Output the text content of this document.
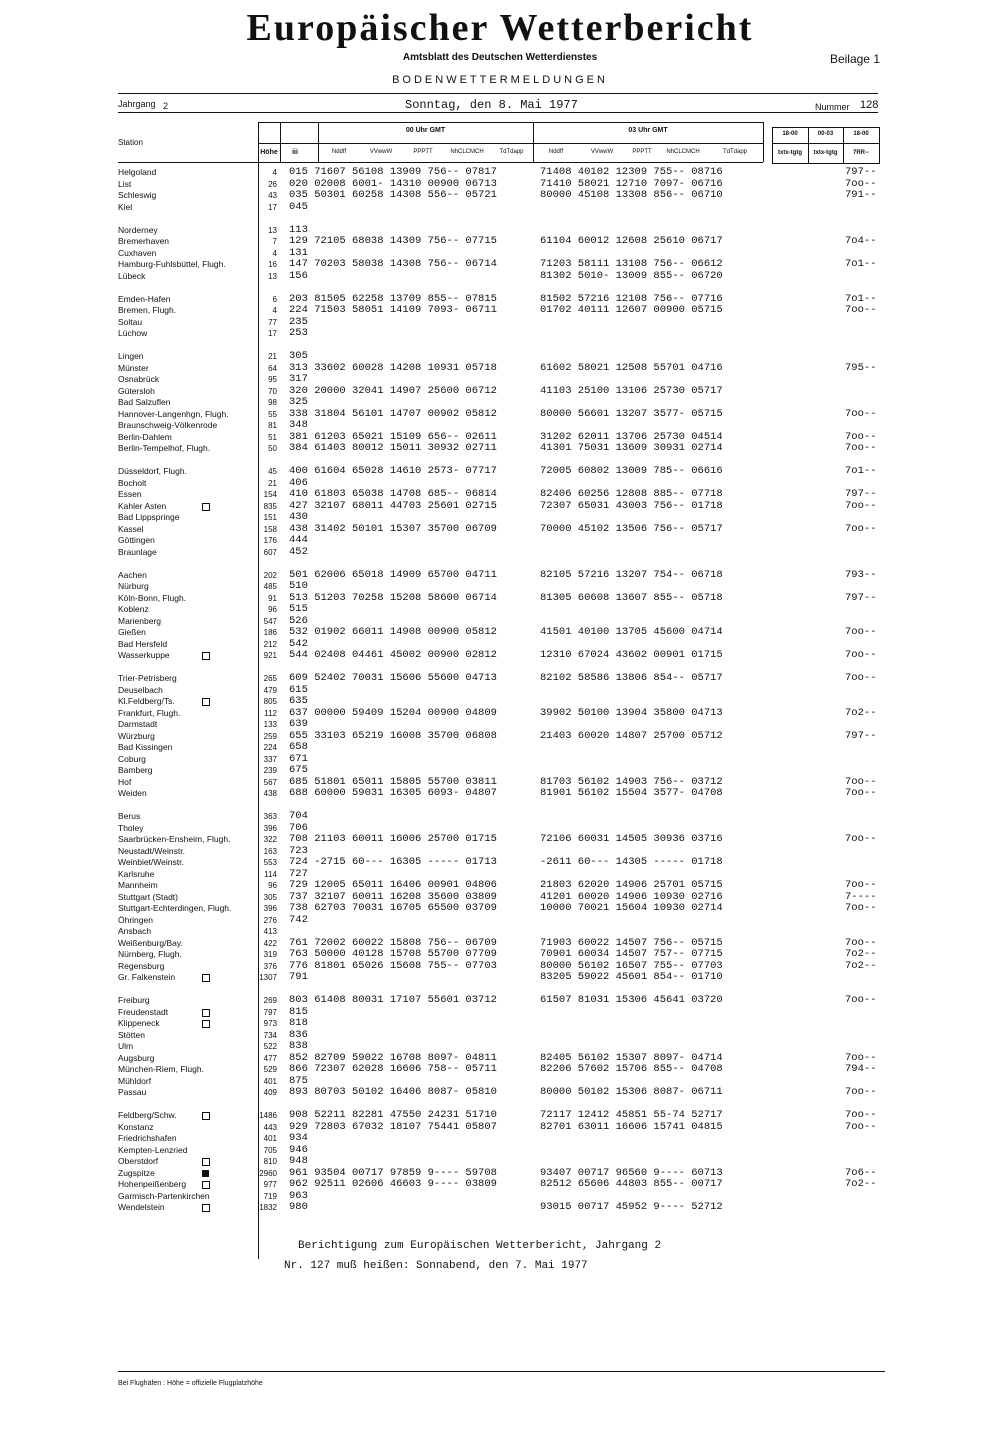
Europäischer Wetterbericht
Amtsblatt des Deutschen Wetterdienstes	Beilage 1
BODENWETTERMELDUNGEN
Jahrgang 2	Sonntag, den 8. Mai 1977	Nummer 128
Station
Höhe	iii
00 Uhr GMT	03 Uhr GMT
Nddff	VVwwW	PPPTT	NhCLCMCH	TdTdapp	Nddff	VVwwW	PPPTT	NhCLCMCH	TdTdapp
18-00	00-03	18-00
txtx-tgtg	txtx-tgtg	7RR--
Helgoland	4 015 71607 56108 13909 756-- 07817	71408 40102 12309 755-- 08716	797--
List	26 020 02008 6001- 14310 00900 06713	71410 58021 12710 7097- 06716	7oo--
Schleswig	43 035 50301 60258 14308 556-- 05721	80000 45108 13308 856-- 06710	791--
Kiel	17 045
Norderney	13 113
Bremerhaven	7 129 72105 68038 14309 756-- 07715	61104 60012 12608 25610 06717	7o4--
Cuxhaven	4 131
Hamburg-Fuhlsbüttel, Flugh.	16 147 70203 58038 14308 756-- 06714	71203 58111 13108 756-- 06612	7o1--
Lübeck	13 156	81302 5010- 13009 855-- 06720
Emden-Hafen	6 203 81505 62258 13709 855-- 07815	81502 57216 12108 756-- 07716	7o1--
Bremen, Flugh.	4 224 71503 58051 14109 7093- 06711	01702 40111 12607 00900 05715	7oo--
Soltau	77 235
Lüchow	17 253
Lingen	21 305
Münster	64 313 33602 60028 14208 10931 05718	61602 58021 12508 55701 04716	795--
Osnabrück	95 317
Gütersloh	70 320 20000 32041 14907 25600 06712	41103 25100 13106 25730 05717
Bad Salzuflen	98 325
Hannover-Langenhgn, Flugh.	55 338 31804 56101 14707 00902 05812	80000 56601 13207 3577- 05715	7oo--
Braunschweig-Völkenrode	81 348
Berlin-Dahlem	51 381 61203 65021 15109 656-- 02611	31202 62011 13706 25730 04514	7oo--
Berlin-Tempelhof, Flugh.	50 384 61403 80012 15011 30932 02711	41301 75031 13609 30931 02714	7oo--
Düsseldorf, Flugh.	45 400 61604 65028 14610 2573- 07717	72005 60802 13009 785-- 06616	7o1--
Bocholt	21 406
Essen	154 410 61803 65038 14708 685-- 06814	82406 60256 12808 885-- 07718	797--
Kahler Asten	835 427 32107 68011 44703 25601 02715	72307 65031 43003 756-- 01718	7oo--
Bad Lippspringe	151 430
Kassel	158 438 31402 50101 15307 35700 06709	70000 45102 13506 756-- 05717	7oo--
Göttingen	176 444
Braunlage	607 452
Aachen	202 501 62006 65018 14909 65700 04711	82105 57216 13207 754-- 06718	793--
Nürburg	485 510
Köln-Bonn, Flugh.	91 513 51203 70258 15208 58600 06714	81305 60608 13607 855-- 05718	797--
Koblenz	96 515
Marienberg	547 526
Gießen	186 532 01902 66011 14908 00900 05812	41501 40100 13705 45600 04714	7oo--
Bad Hersfeld	212 542
Wasserkuppe	921 544 02408 04461 45002 00900 02812	12310 67024 43602 00901 01715	7oo--
Trier-Petrisberg	265 609 52402 70031 15606 55600 04713	82102 58586 13806 854-- 05717	7oo--
Deuselbach	479 615
Kl.Feldberg/Ts.	805 635
Frankfurt, Flugh.	112 637 00000 59409 15204 00900 04809	39902 50100 13904 35800 04713	7o2--
Darmstadt	133 639
Würzburg	259 655 33103 65219 16008 35700 06808	21403 60020 14807 25700 05712	797--
Bad Kissingen	224 658
Coburg	337 671
Bamberg	239 675
Hof	567 685 51801 65011 15805 55700 03811	81703 56102 14903 756-- 03712	7oo--
Weiden	438 688 60000 59031 16305 6093- 04807	81901 56102 15504 3577- 04708	7oo--
Berus	363 704
Tholey	396 706
Saarbrücken-Ensheim, Flugh.	322 708 21103 60011 16006 25700 01715	72106 60031 14505 30936 03716	7oo--
Neustadt/Weinstr.	163 723
Weinbiet/Weinstr.	553 724 -2715 60--- 16305 ----- 01713	-2611 60--- 14305 ----- 01718
Karlsruhe	114 727
Mannheim	96 729 12005 65011 16406 00901 04806	21803 62020 14906 25701 05715	7oo--
Stuttgart (Stadt)	305 737 32107 60011 16208 35600 03809	41201 60020 14906 10930 02716	7----
Stuttgart-Echterdingen, Flugh.	396 738 62703 70031 16705 65500 03709	10000 70021 15604 10930 02714	7oo--
Öhringen	276 742
Ansbach	413
Weißenburg/Bay.	422 761 72002 60022 15808 756-- 06709	71903 60022 14507 756-- 05715	7oo--
Nürnberg, Flugh.	319 763 50000 40128 15708 55700 07709	70901 60034 14507 757-- 07715	7o2--
Regensburg	376 776 81801 65026 15608 755-- 07703	80000 56102 16507 755-- 07703	7o2--
Gr. Falkenstein	1307 791	83205 59022 45601 854-- 01710
Freiburg	269 803 61408 80031 17107 55601 03712	61507 81031 15306 45641 03720	7oo--
Freudenstadt	797 815
Klippeneck	973 818
Stötten	734 836
Ulm	522 838
Augsburg	477 852 82709 59022 16708 8097- 04811	82405 56102 15307 8097- 04714	7oo--
München-Riem, Flugh.	529 866 72307 62028 16606 758-- 05711	82206 57602 15706 855-- 04708	794--
Mühldorf	401 875
Passau	409 893 80703 50102 16406 8087- 05810	80000 50102 15306 8087- 06711	7oo--
Feldberg/Schw.	1486 908 52211 82281 47550 24231 51710	72117 12412 45851 55-74 52717	7oo--
Konstanz	443 929 72803 67032 18107 75441 05807	82701 63011 16606 15741 04815	7oo--
Friedrichshafen	401 934
Kempten-Lenzried	705 946
Oberstdorf	810 948
Zugspitze	2960 961 93504 00717 97859 9---- 59708	93407 00717 96560 9---- 60713	7o6--
Hohenpeißenberg	977 962 92511 02606 46603 9---- 03809	82512 65606 44803 855-- 00717	7o2--
Garmisch-Partenkirchen	719 963
Wendelstein	1832 980	93015 00717 45952 9---- 52712
Berichtigung zum Europäischen Wetterbericht, Jahrgang 2
Nr. 127 muß heißen: Sonnabend, den 7. Mai 1977
Bei Flughäfen : Höhe = offizielle Flugplatzhöhe
